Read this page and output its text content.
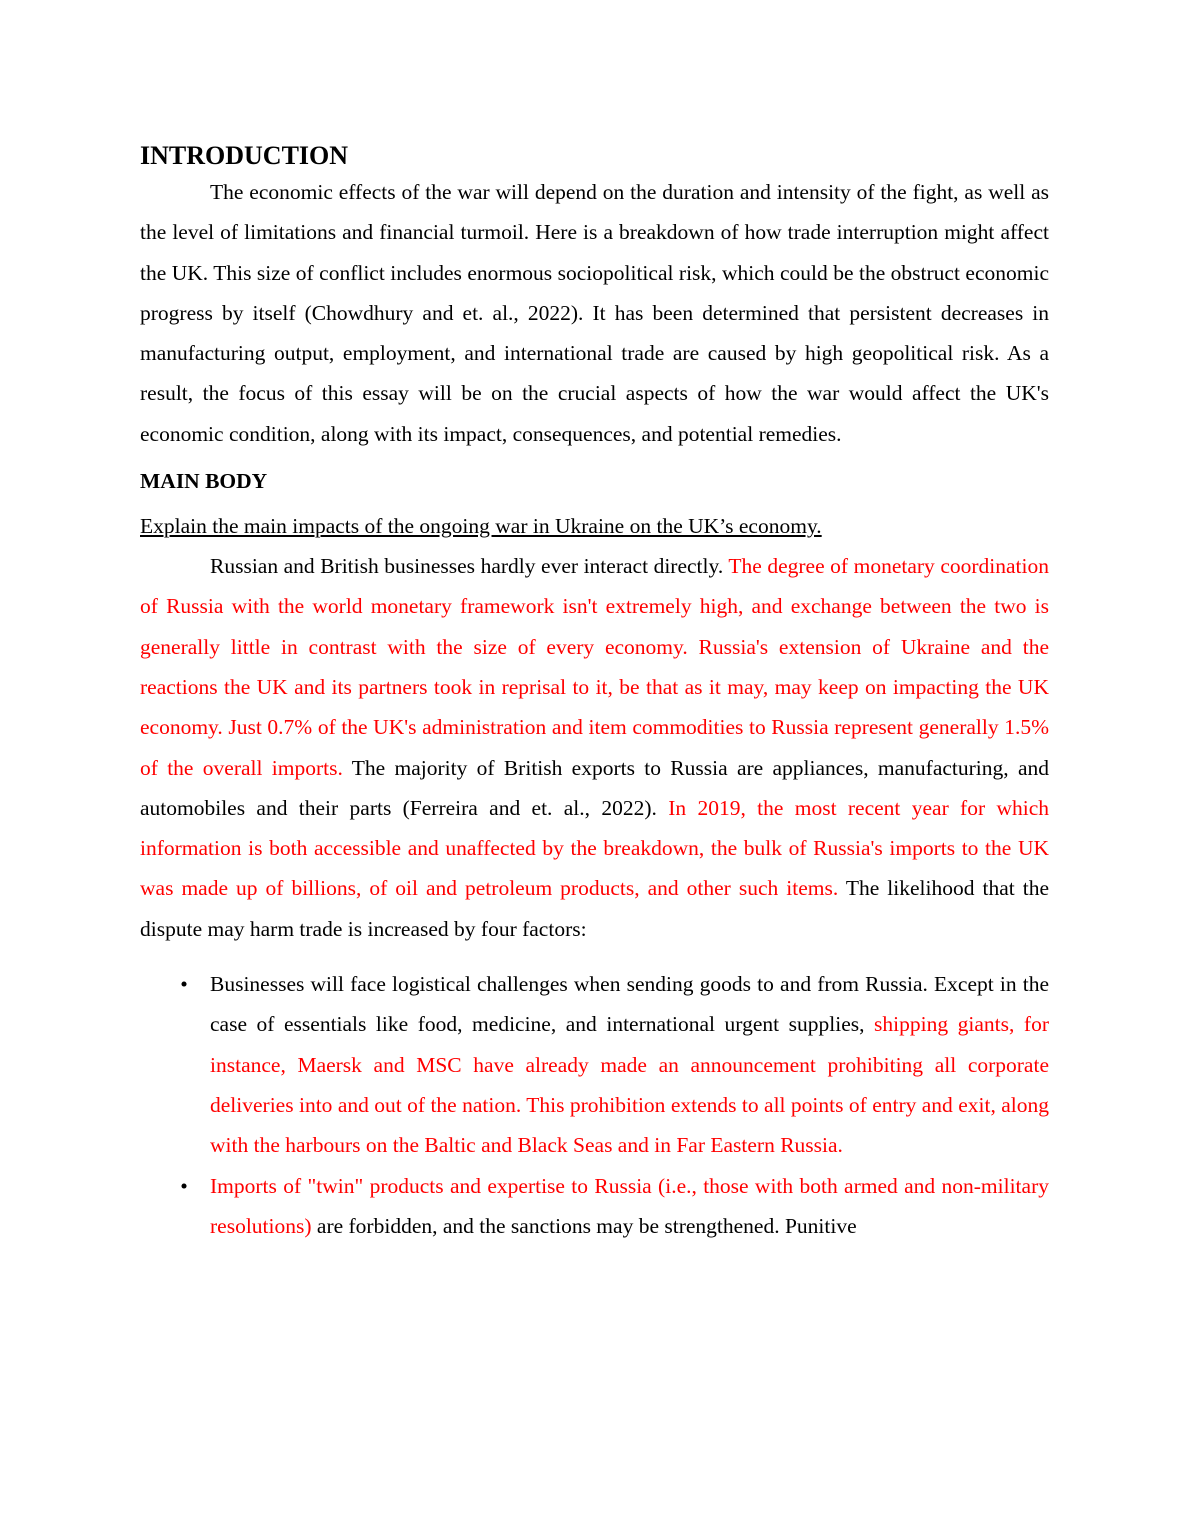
INTRODUCTION

The economic effects of the war will depend on the duration and intensity of the fight, as well as the level of limitations and financial turmoil. Here is a breakdown of how trade interruption might affect the UK. This size of conflict includes enormous sociopolitical risk, which could be the obstruct economic progress by itself (Chowdhury and et. al., 2022). It has been determined that persistent decreases in manufacturing output, employment, and international trade are caused by high geopolitical risk. As a result, the focus of this essay will be on the crucial aspects of how the war would affect the UK's economic condition, along with its impact, consequences, and potential remedies.

MAIN BODY

Explain the main impacts of the ongoing war in Ukraine on the UK’s economy.

Russian and British businesses hardly ever interact directly. The degree of monetary coordination of Russia with the world monetary framework isn't extremely high, and exchange between the two is generally little in contrast with the size of every economy. Russia's extension of Ukraine and the reactions the UK and its partners took in reprisal to it, be that as it may, may keep on impacting the UK economy. Just 0.7% of the UK's administration and item commodities to Russia represent generally 1.5% of the overall imports. The majority of British exports to Russia are appliances, manufacturing, and automobiles and their parts (Ferreira and et. al., 2022). In 2019, the most recent year for which information is both accessible and unaffected by the breakdown, the bulk of Russia's imports to the UK was made up of billions, of oil and petroleum products, and other such items. The likelihood that the dispute may harm trade is increased by four factors:

• Businesses will face logistical challenges when sending goods to and from Russia. Except in the case of essentials like food, medicine, and international urgent supplies, shipping giants, for instance, Maersk and MSC have already made an announcement prohibiting all corporate deliveries into and out of the nation. This prohibition extends to all points of entry and exit, along with the harbours on the Baltic and Black Seas and in Far Eastern Russia.
• Imports of "twin" products and expertise to Russia (i.e., those with both armed and non-military resolutions) are forbidden, and the sanctions may be strengthened. Punitive
